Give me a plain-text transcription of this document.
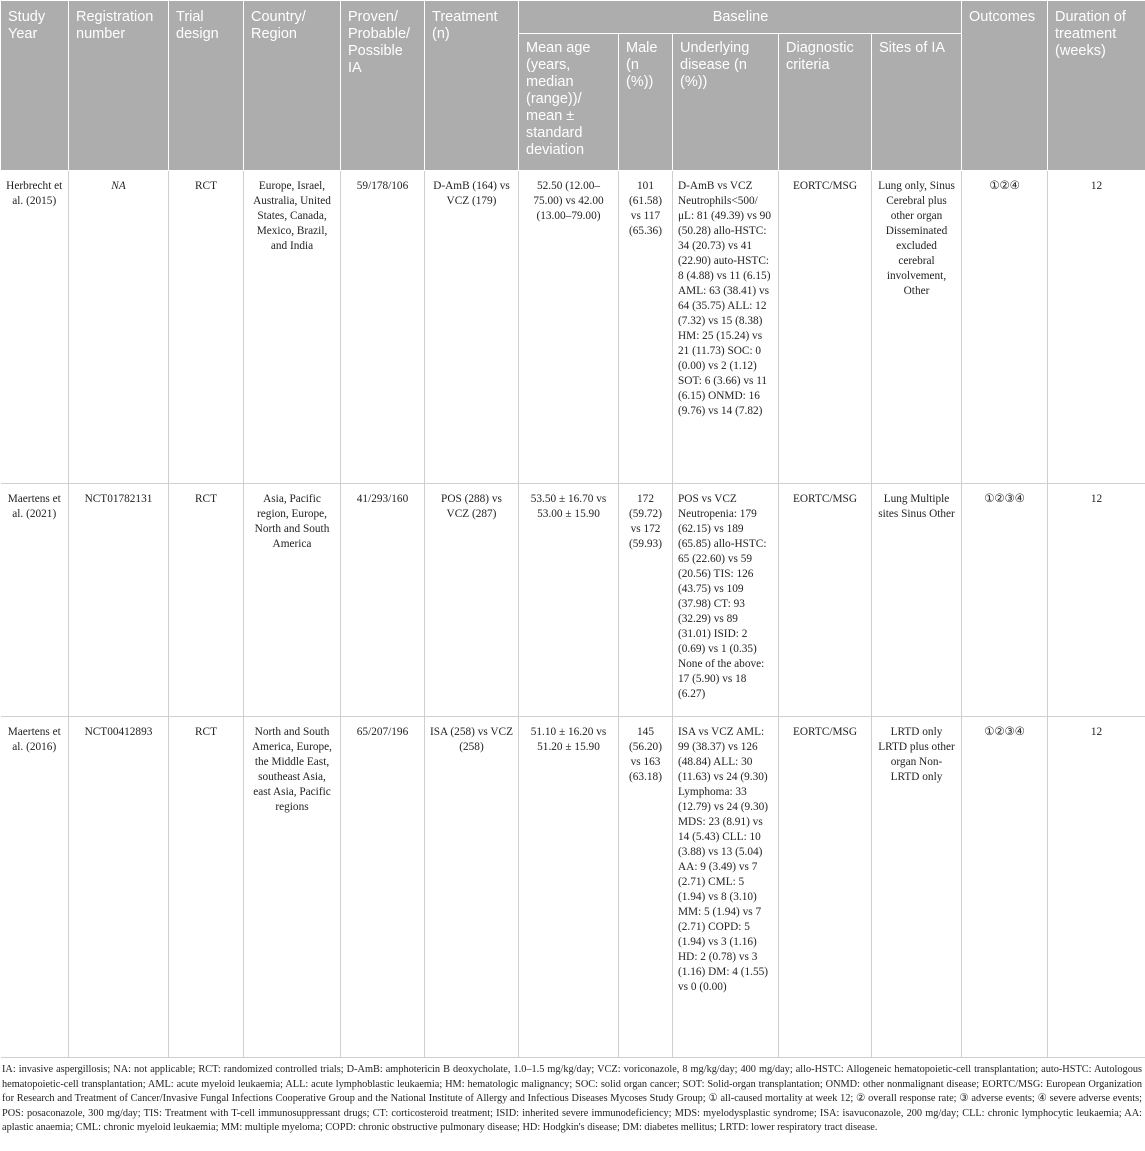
Study Year	Registration number	Trial design	Country/ Region	Proven/ Probable/ Possible IA	Treatment (n)	Baseline					Outcomes	Duration of treatment (weeks)
						Mean age (years, median (range))/ mean ± standard deviation	Male (n (%))	Underlying disease (n (%))	Diagnostic criteria	Sites of IA		
Herbrecht et al. (2015)	NA	RCT	Europe, Israel, Australia, United States, Canada, Mexico, Brazil, and India	59/178/106	D-AmB (164) vs VCZ (179)	52.50 (12.00–75.00) vs 42.00 (13.00–79.00)	101 (61.58) vs 117 (65.36)	D-AmB vs VCZ Neutrophils<500/μL: 81 (49.39) vs 90 (50.28) allo-HSTC: 34 (20.73) vs 41 (22.90) auto-HSTC: 8 (4.88) vs 11 (6.15) AML: 63 (38.41) vs 64 (35.75) ALL: 12 (7.32) vs 15 (8.38) HM: 25 (15.24) vs 21 (11.73) SOC: 0 (0.00) vs 2 (1.12) SOT: 6 (3.66) vs 11 (6.15) ONMD: 16 (9.76) vs 14 (7.82)	EORTC/MSG	Lung only, Sinus Cerebral plus other organ Disseminated excluded cerebral involvement, Other	①②④	12
Maertens et al. (2021)	NCT01782131	RCT	Asia, Pacific region, Europe, North and South America	41/293/160	POS (288) vs VCZ (287)	53.50 ± 16.70 vs 53.00 ± 15.90	172 (59.72) vs 172 (59.93)	POS vs VCZ Neutropenia: 179 (62.15) vs 189 (65.85) allo-HSTC: 65 (22.60) vs 59 (20.56) TIS: 126 (43.75) vs 109 (37.98) CT: 93 (32.29) vs 89 (31.01) ISID: 2 (0.69) vs 1 (0.35) None of the above: 17 (5.90) vs 18 (6.27)	EORTC/MSG	Lung Multiple sites Sinus Other	①②③④	12
Maertens et al. (2016)	NCT00412893	RCT	North and South America, Europe, the Middle East, southeast Asia, east Asia, Pacific regions	65/207/196	ISA (258) vs VCZ (258)	51.10 ± 16.20 vs 51.20 ± 15.90	145 (56.20) vs 163 (63.18)	ISA vs VCZ AML: 99 (38.37) vs 126 (48.84) ALL: 30 (11.63) vs 24 (9.30) Lymphoma: 33 (12.79) vs 24 (9.30) MDS: 23 (8.91) vs 14 (5.43) CLL: 10 (3.88) vs 13 (5.04) AA: 9 (3.49) vs 7 (2.71) CML: 5 (1.94) vs 8 (3.10) MM: 5 (1.94) vs 7 (2.71) COPD: 5 (1.94) vs 3 (1.16) HD: 2 (0.78) vs 3 (1.16) DM: 4 (1.55) vs 0 (0.00)	EORTC/MSG	LRTD only LRTD plus other organ Non-LRTD only	①②③④	12
IA: invasive aspergillosis; NA: not applicable; RCT: randomized controlled trials; D-AmB: amphotericin B deoxycholate, 1.0–1.5 mg/kg/day; VCZ: voriconazole, 8 mg/kg/day; 400 mg/day; allo-HSTC: Allogeneic hematopoietic-cell transplantation; auto-HSTC: Autologous hematopoietic-cell transplantation; AML: acute myeloid leukaemia; ALL: acute lymphoblastic leukaemia; HM: hematologic malignancy; SOC: solid organ cancer; SOT: Solid-organ transplantation; ONMD: other nonmalignant disease; EORTC/MSG: European Organization for Research and Treatment of Cancer/Invasive Fungal Infections Cooperative Group and the National Institute of Allergy and Infectious Diseases Mycoses Study Group; ① all-caused mortality at week 12; ② overall response rate; ③ adverse events; ④ severe adverse events; POS: posaconazole, 300 mg/day; TIS: Treatment with T-cell immunosuppressant drugs; CT: corticosteroid treatment; ISID: inherited severe immunodeficiency; MDS: myelodysplastic syndrome; ISA: isavuconazole, 200 mg/day; CLL: chronic lymphocytic leukaemia; AA: aplastic anaemia; CML: chronic myeloid leukaemia; MM: multiple myeloma; COPD: chronic obstructive pulmonary disease; HD: Hodgkin's disease; DM: diabetes mellitus; LRTD: lower respiratory tract disease.
